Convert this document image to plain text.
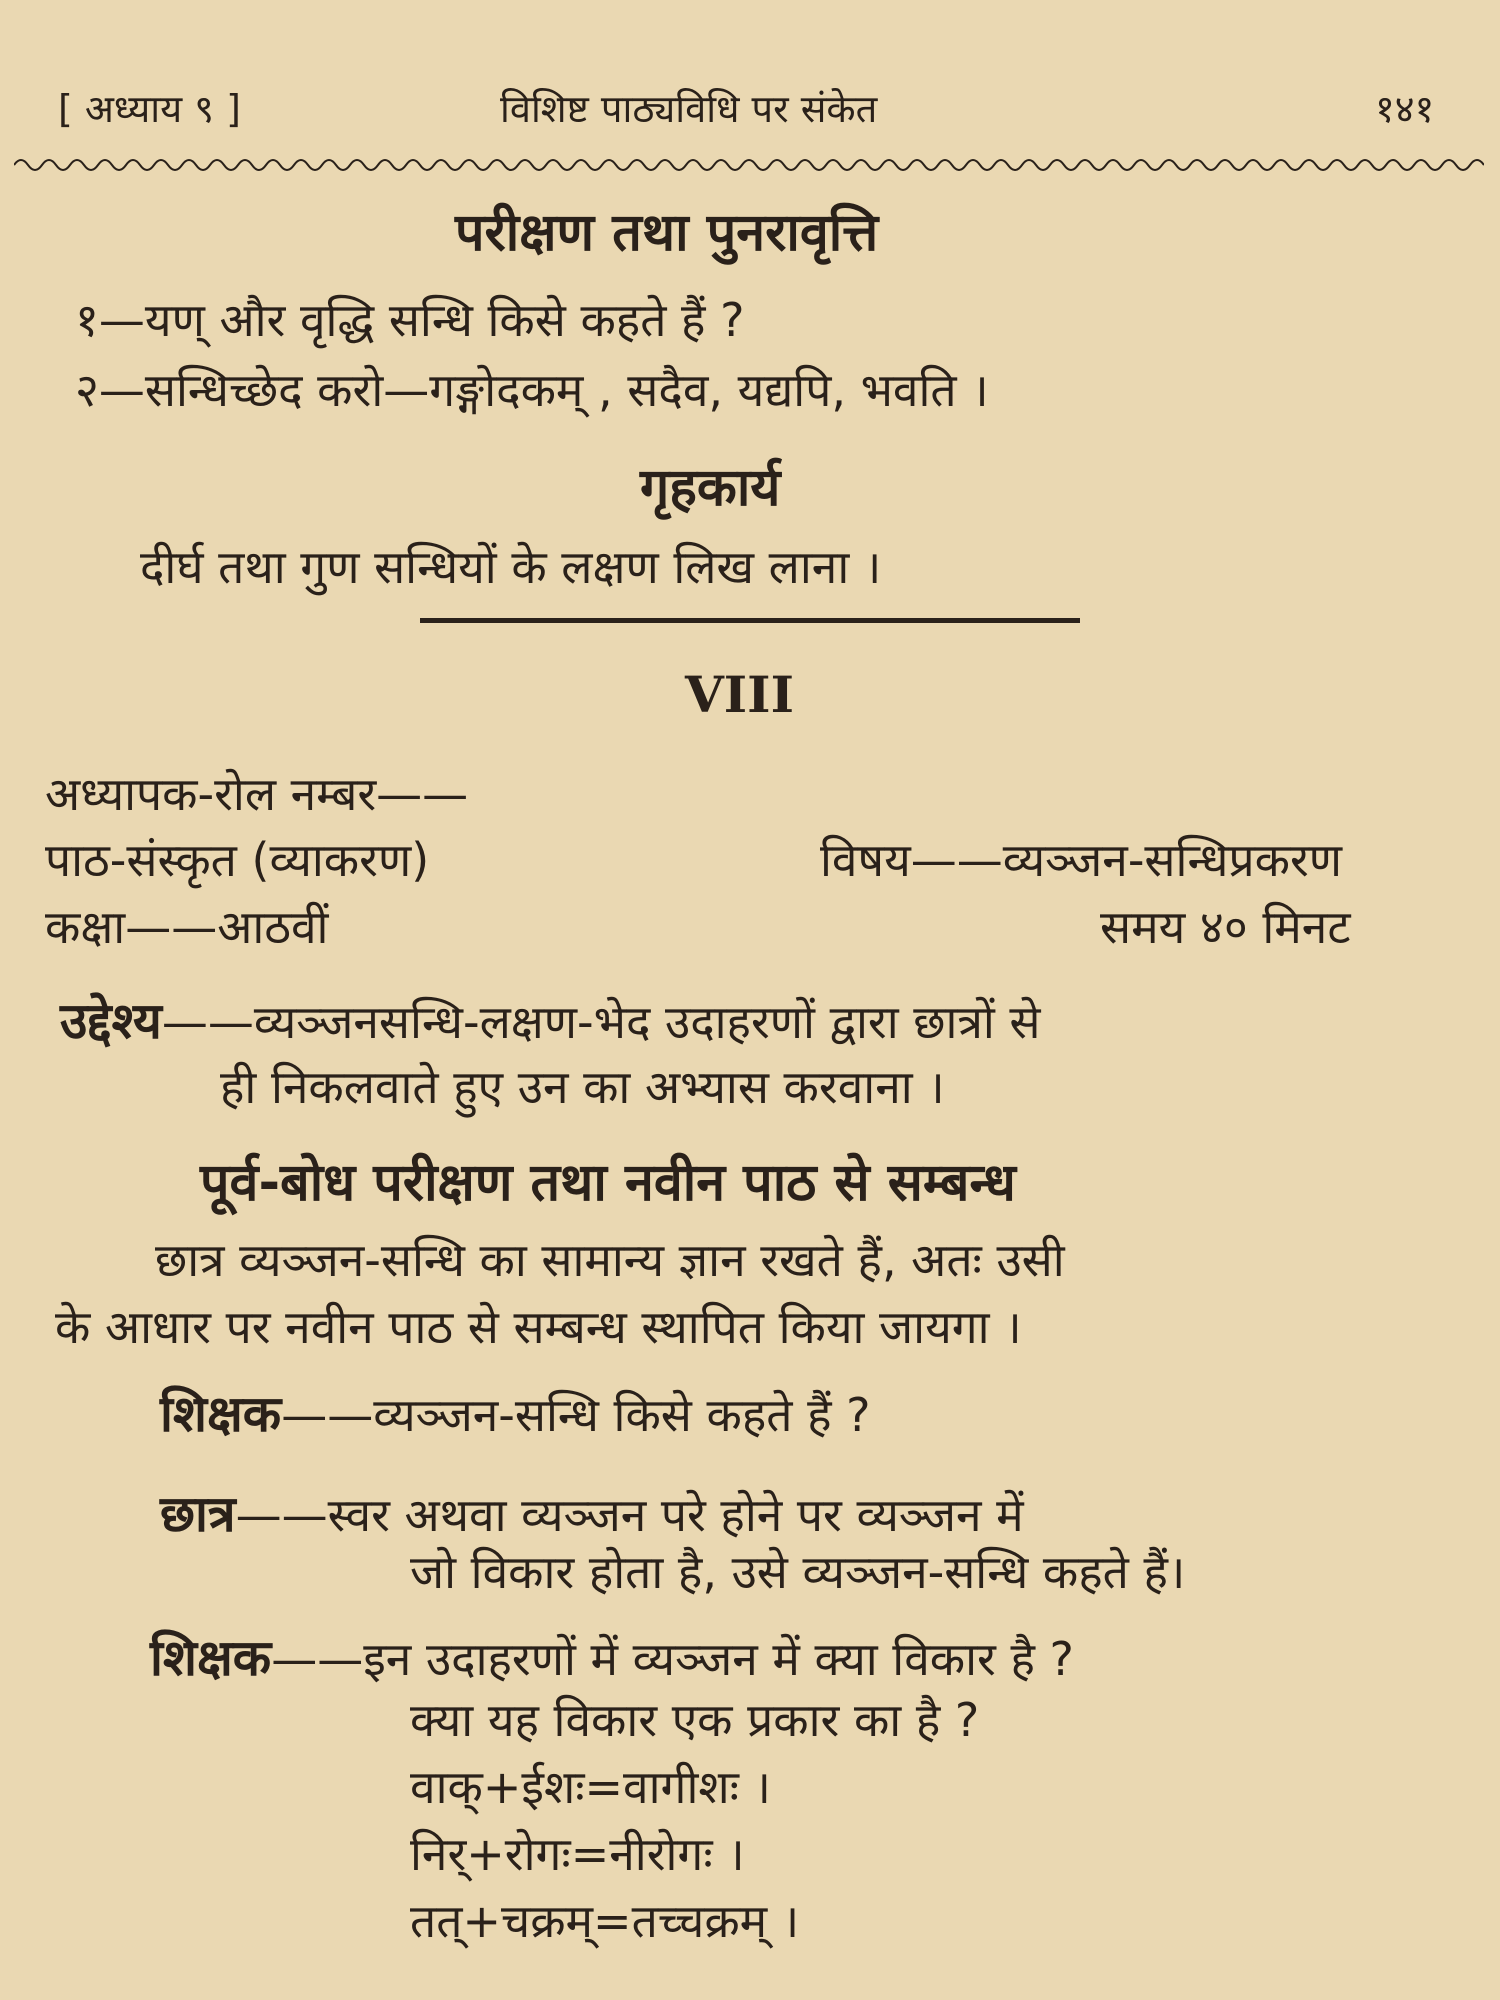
[ अध्याय ९ ]	विशिष्ट पाठ्यविधि पर संकेत	१४१
परीक्षण तथा पुनरावृत्ति
१—यण् और वृद्धि सन्धि किसे कहते हैं ?
२—सन्धिच्छेद करो—गङ्गोदकम् , सदैव, यद्यपि, भवति ।
गृहकार्य
दीर्घ तथा गुण सन्धियों के लक्षण लिख लाना ।
VIII
अध्यापक-रोल नम्बर——
पाठ-संस्कृत (व्याकरण)	विषय——व्यञ्जन-सन्धिप्रकरण
कक्षा——आठवीं	समय ४० मिनट
उद्देश्य——व्यञ्जनसन्धि-लक्षण-भेद उदाहरणों द्वारा छात्रों से
ही निकलवाते हुए उन का अभ्यास करवाना ।
पूर्व-बोध परीक्षण तथा नवीन पाठ से सम्बन्ध
छात्र व्यञ्जन-सन्धि का सामान्य ज्ञान रखते हैं, अतः उसी
के आधार पर नवीन पाठ से सम्बन्ध स्थापित किया जायगा ।
शिक्षक——व्यञ्जन-सन्धि किसे कहते हैं ?
छात्र——स्वर अथवा व्यञ्जन परे होने पर व्यञ्जन में
जो विकार होता है, उसे व्यञ्जन-सन्धि कहते हैं।
शिक्षक——इन उदाहरणों में व्यञ्जन में क्या विकार है ?
क्या यह विकार एक प्रकार का है ?
वाक्+ईशः=वागीशः ।
निर्+रोगः=नीरोगः ।
तत्+चक्रम्=तच्चक्रम् ।
